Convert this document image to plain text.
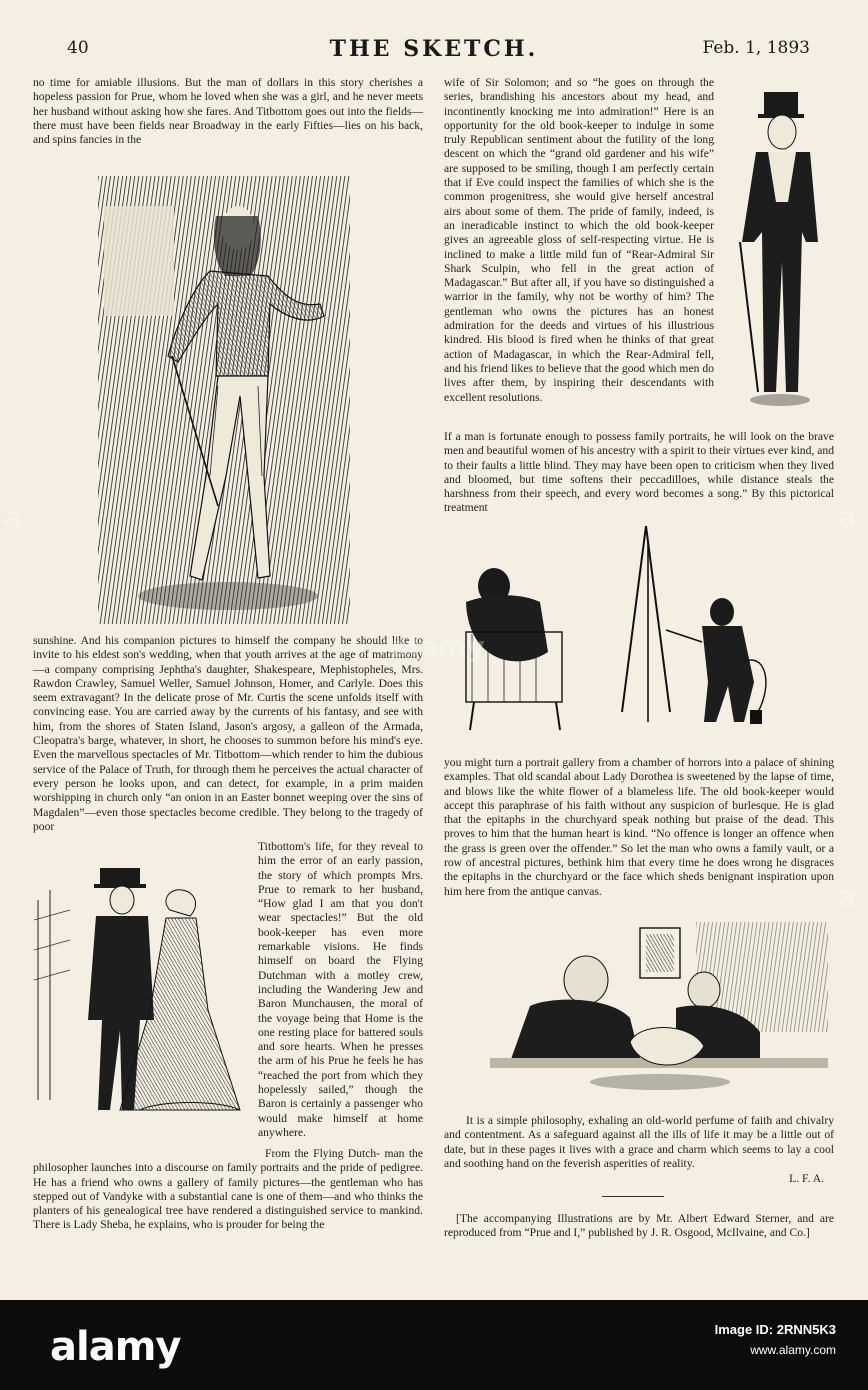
40	THE SKETCH.	Feb. 1, 1893

no time for amiable illusions. But the man of dollars in this story cherishes a hopeless passion for Prue, whom he loved when she was a girl, and he never meets her husband without asking how she fares. And Titbottom goes out into the fields—there must have been fields near Broadway in the early Fifties—lies on his back, and spins fancies in the

sunshine. And his companion pictures to himself the company he should like to invite to his eldest son's wedding, when that youth arrives at the age of matrimony—a company comprising Jephtha's daughter, Shakespeare, Mephistopheles, Mrs. Rawdon Crawley, Samuel Weller, Samuel Johnson, Homer, and Carlyle. Does this seem extravagant? In the delicate prose of Mr. Curtis the scene unfolds itself with convincing ease. You are carried away by the currents of his fantasy, and see with him, from the shores of Staten Island, Jason's argosy, a galleon of the Armada, Cleopatra's barge, whatever, in short, he chooses to summon before his mind's eye. Even the marvellous spectacles of Mr. Titbottom—which render to him the dubious service of the Palace of Truth, for through them he perceives the actual character of every person he looks upon, and can detect, for example, in a prim maiden worshipping in church only “an onion in an Easter bonnet weeping over the sins of Magdalen”—even those spectacles become credible. They belong to the tragedy of poor

Titbottom's life, for they reveal to him the error of an early passion, the story of which prompts Mrs. Prue to remark to her husband, “How glad I am that you don't wear spectacles!” But the old book-keeper has even more remarkable visions. He finds himself on board the Flying Dutchman with a motley crew, including the Wandering Jew and Baron Munchausen, the moral of the voyage being that Home is the one resting place for battered souls and sore hearts. When he presses the arm of his Prue he feels he has “reached the port from which they hopelessly sailed,” though the Baron is certainly a passenger who would make himself at home anywhere.

From the Flying Dutch- man the philosopher launches into a discourse on family portraits and the pride of pedigree. He has a friend who owns a gallery of family pictures—the gentleman who has stepped out of Vandyke with a substantial cane is one of them—and who thinks the planters of his genealogical tree have rendered a distinguished service to mankind. There is Lady Sheba, he explains, who is prouder for being the

wife of Sir Solomon; and so “he goes on through the series, brandishing his ancestors about my head, and incontinently knocking me into admiration!” Here is an opportunity for the old book-keeper to indulge in some truly Republican sentiment about the futility of the long descent on which the “grand old gardener and his wife” are supposed to be smiling, though I am perfectly certain that if Eve could inspect the families of which she is the common progenitress, she would give herself ancestral airs about some of them. The pride of family, indeed, is an ineradicable instinct to which the old book-keeper gives an agreeable gloss of self-respecting virtue. He is inclined to make a little mild fun of “Rear-Admiral Sir Shark Sculpin, who fell in the great action of Madagascar.” But after all, if you have so distinguished a warrior in the family, why not be worthy of him? The gentleman who owns the pictures has an honest admiration for the deeds and virtues of his illustrious kindred. His blood is fired when he thinks of that great action of Madagascar, in which the Rear-Admiral fell, and his friend likes to believe that the good which men do lives after them, by inspiring their descendants with excellent resolutions.

If a man is fortunate enough to possess family portraits, he will look on the brave men and beautiful women of his ancestry with a spirit to their virtues ever kind, and to their faults a little blind. They may have been open to criticism when they lived and bloomed, but time softens their peccadilloes, while distance steals the harshness from their speech, and every word becomes a song.” By this pictorical treatment

you might turn a portrait gallery from a chamber of horrors into a palace of shining examples. That old scandal about Lady Dorothea is sweetened by the lapse of time, and blows like the white flower of a blameless life. The old book-keeper would accept this paraphrase of his faith without any suspicion of burlesque. He is glad that the epitaphs in the churchyard speak nothing but praise of the dead. This proves to him that the human heart is kind. “No offence is longer an offence when the grass is green over the offender.” So let the man who owns a family vault, or a row of ancestral pictures, bethink him that every time he does wrong he disgraces the epitaphs in the churchyard or the face which sheds benignant inspiration upon him here from the antique canvas.

It is a simple philosophy, exhaling an old-world perfume of faith and chivalry and contentment. As a safeguard against all the ills of life it may be a little out of date, but in these pages it lives with a grace and charm which seems to lay a cool and soothing hand on the feverish asperities of reality.

L. F. A.

[The accompanying Illustrations are by Mr. Albert Edward Sterner, and are reproduced from “Prue and I,” published by J. R. Osgood, McIlvaine, and Co.]

alamy
a	a
a
alamy	Image ID: 2RNN5K3
www.alamy.com
